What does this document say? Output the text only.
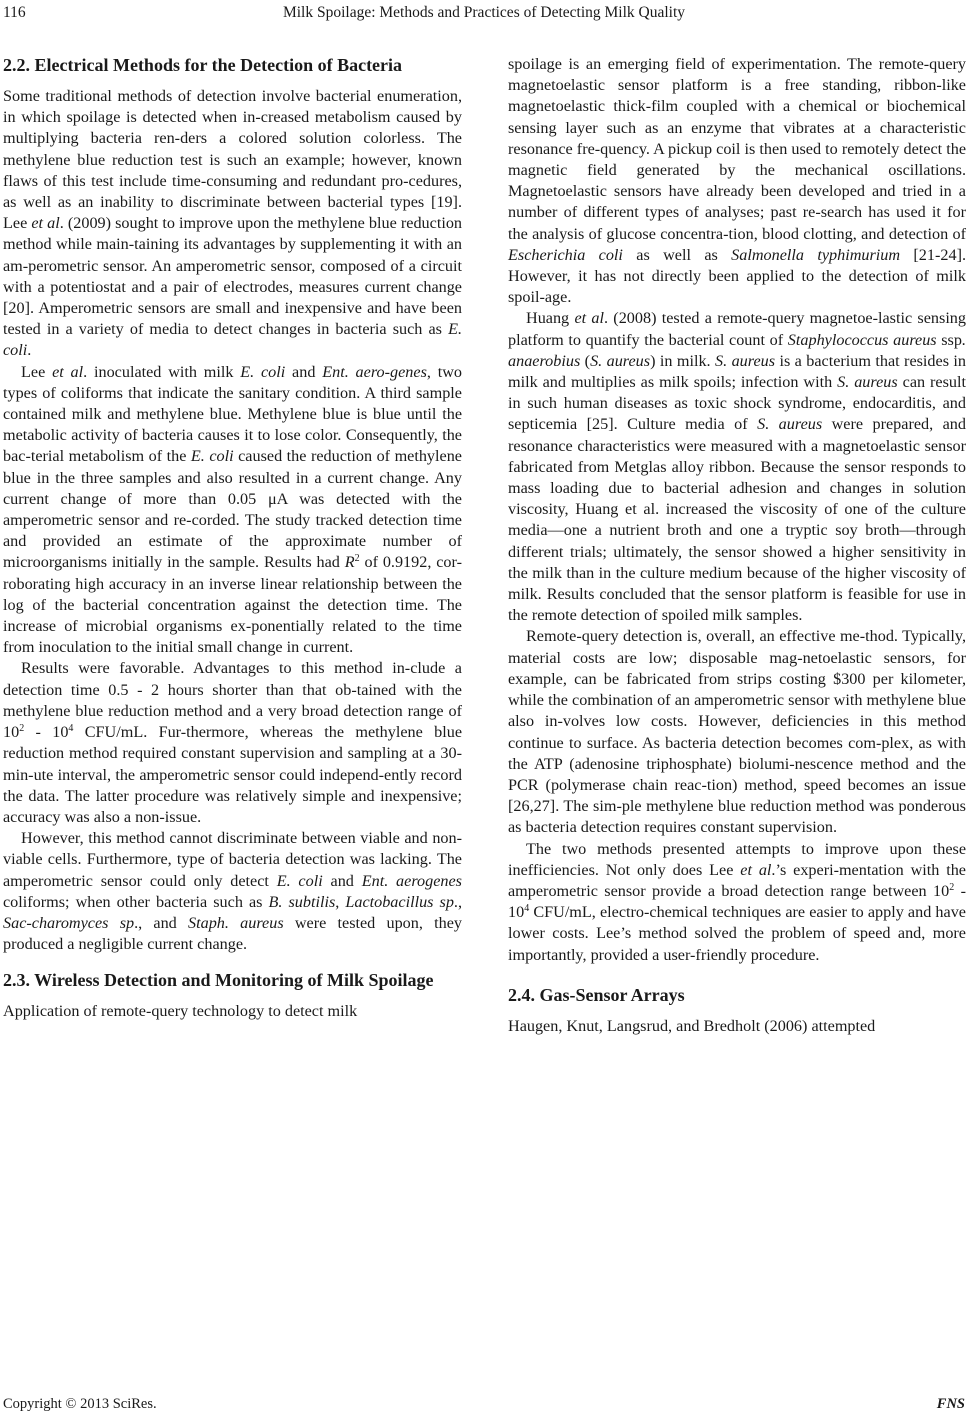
116	Milk Spoilage: Methods and Practices of Detecting Milk Quality
2.2. Electrical Methods for the Detection of Bacteria

Some traditional methods of detection involve bacterial enumeration, in which spoilage is detected when in-creased metabolism caused by multiplying bacteria ren-ders a colored solution colorless. The methylene blue reduction test is such an example; however, known flaws of this test include time-consuming and redundant pro-cedures, as well as an inability to discriminate between bacterial types [19]. Lee et al. (2009) sought to improve upon the methylene blue reduction method while main-taining its advantages by supplementing it with an am-perometric sensor. An amperometric sensor, composed of a circuit with a potentiostat and a pair of electrodes, measures current change [20]. Amperometric sensors are small and inexpensive and have been tested in a variety of media to detect changes in bacteria such as E. coli.

Lee et al. inoculated with milk E. coli and Ent. aero-genes, two types of coliforms that indicate the sanitary condition. A third sample contained milk and methylene blue. Methylene blue is blue until the metabolic activity of bacteria causes it to lose color. Consequently, the bac-terial metabolism of the E. coli caused the reduction of methylene blue in the three samples and also resulted in a current change. Any current change of more than 0.05 μA was detected with the amperometric sensor and re-corded. The study tracked detection time and provided an estimate of the approximate number of microorganisms initially in the sample. Results had $R^2$ of 0.9192, cor-roborating high accuracy in an inverse linear relationship between the log of the bacterial concentration against the detection time. The increase of microbial organisms ex-ponentially related to the time from inoculation to the initial small change in current.

Results were favorable. Advantages to this method in-clude a detection time 0.5 - 2 hours shorter than that ob-tained with the methylene blue reduction method and a very broad detection range of $10^2 - 10^4$ CFU/mL. Fur-thermore, whereas the methylene blue reduction method required constant supervision and sampling at a 30-min-ute interval, the amperometric sensor could independ-ently record the data. The latter procedure was relatively simple and inexpensive; accuracy was also a non-issue.

However, this method cannot discriminate between viable and non-viable cells. Furthermore, type of bacteria detection was lacking. The amperometric sensor could only detect E. coli and Ent. aerogenes coliforms; when other bacteria such as B. subtilis, Lactobacillus sp., Sac-charomyces sp., and Staph. aureus were tested upon, they produced a negligible current change.

2.3. Wireless Detection and Monitoring of Milk Spoilage

Application of remote-query technology to detect milk

spoilage is an emerging field of experimentation. The remote-query magnetoelastic sensor platform is a free standing, ribbon-like magnetoelastic thick-film coupled with a chemical or biochemical sensing layer such as an enzyme that vibrates at a characteristic resonance fre-quency. A pickup coil is then used to remotely detect the magnetic field generated by the mechanical oscillations. Magnetoelastic sensors have already been developed and tried in a number of different types of analyses; past re-search has used it for the analysis of glucose concentra-tion, blood clotting, and detection of Escherichia coli as well as Salmonella typhimurium [21-24]. However, it has not directly been applied to the detection of milk spoil-age.

Huang et al. (2008) tested a remote-query magnetoe-lastic sensing platform to quantify the bacterial count of Staphylococcus aureus ssp. anaerobius (S. aureus) in milk. S. aureus is a bacterium that resides in milk and multiplies as milk spoils; infection with S. aureus can result in such human diseases as toxic shock syndrome, endocarditis, and septicemia [25]. Culture media of S. aureus were prepared, and resonance characteristics were measured with a magnetoelastic sensor fabricated from Metglas alloy ribbon. Because the sensor responds to mass loading due to bacterial adhesion and changes in solution viscosity, Huang et al. increased the viscosity of one of the culture media—one a nutrient broth and one a tryptic soy broth—through different trials; ultimately, the sensor showed a higher sensitivity in the milk than in the culture medium because of the higher viscosity of milk. Results concluded that the sensor platform is feasible for use in the remote detection of spoiled milk samples.

Remote-query detection is, overall, an effective me-thod. Typically, material costs are low; disposable mag-netoelastic sensors, for example, can be fabricated from strips costing $300 per kilometer, while the combination of an amperometric sensor with methylene blue also in-volves low costs. However, deficiencies in this method continue to surface. As bacteria detection becomes com-plex, as with the ATP (adenosine triphosphate) biolumi-nescence method and the PCR (polymerase chain reac-tion) method, speed becomes an issue [26,27]. The sim-ple methylene blue reduction method was ponderous as bacteria detection requires constant supervision.

The two methods presented attempts to improve upon these inefficiencies. Not only does Lee et al.’s experi-mentation with the amperometric sensor provide a broad detection range between $10^2 - 10^4$ CFU/mL, electro-chemical techniques are easier to apply and have lower costs. Lee’s method solved the problem of speed and, more importantly, provided a user-friendly procedure.

2.4. Gas-Sensor Arrays

Haugen, Knut, Langsrud, and Bredholt (2006) attempted

Copyright © 2013 SciRes.	FNS
